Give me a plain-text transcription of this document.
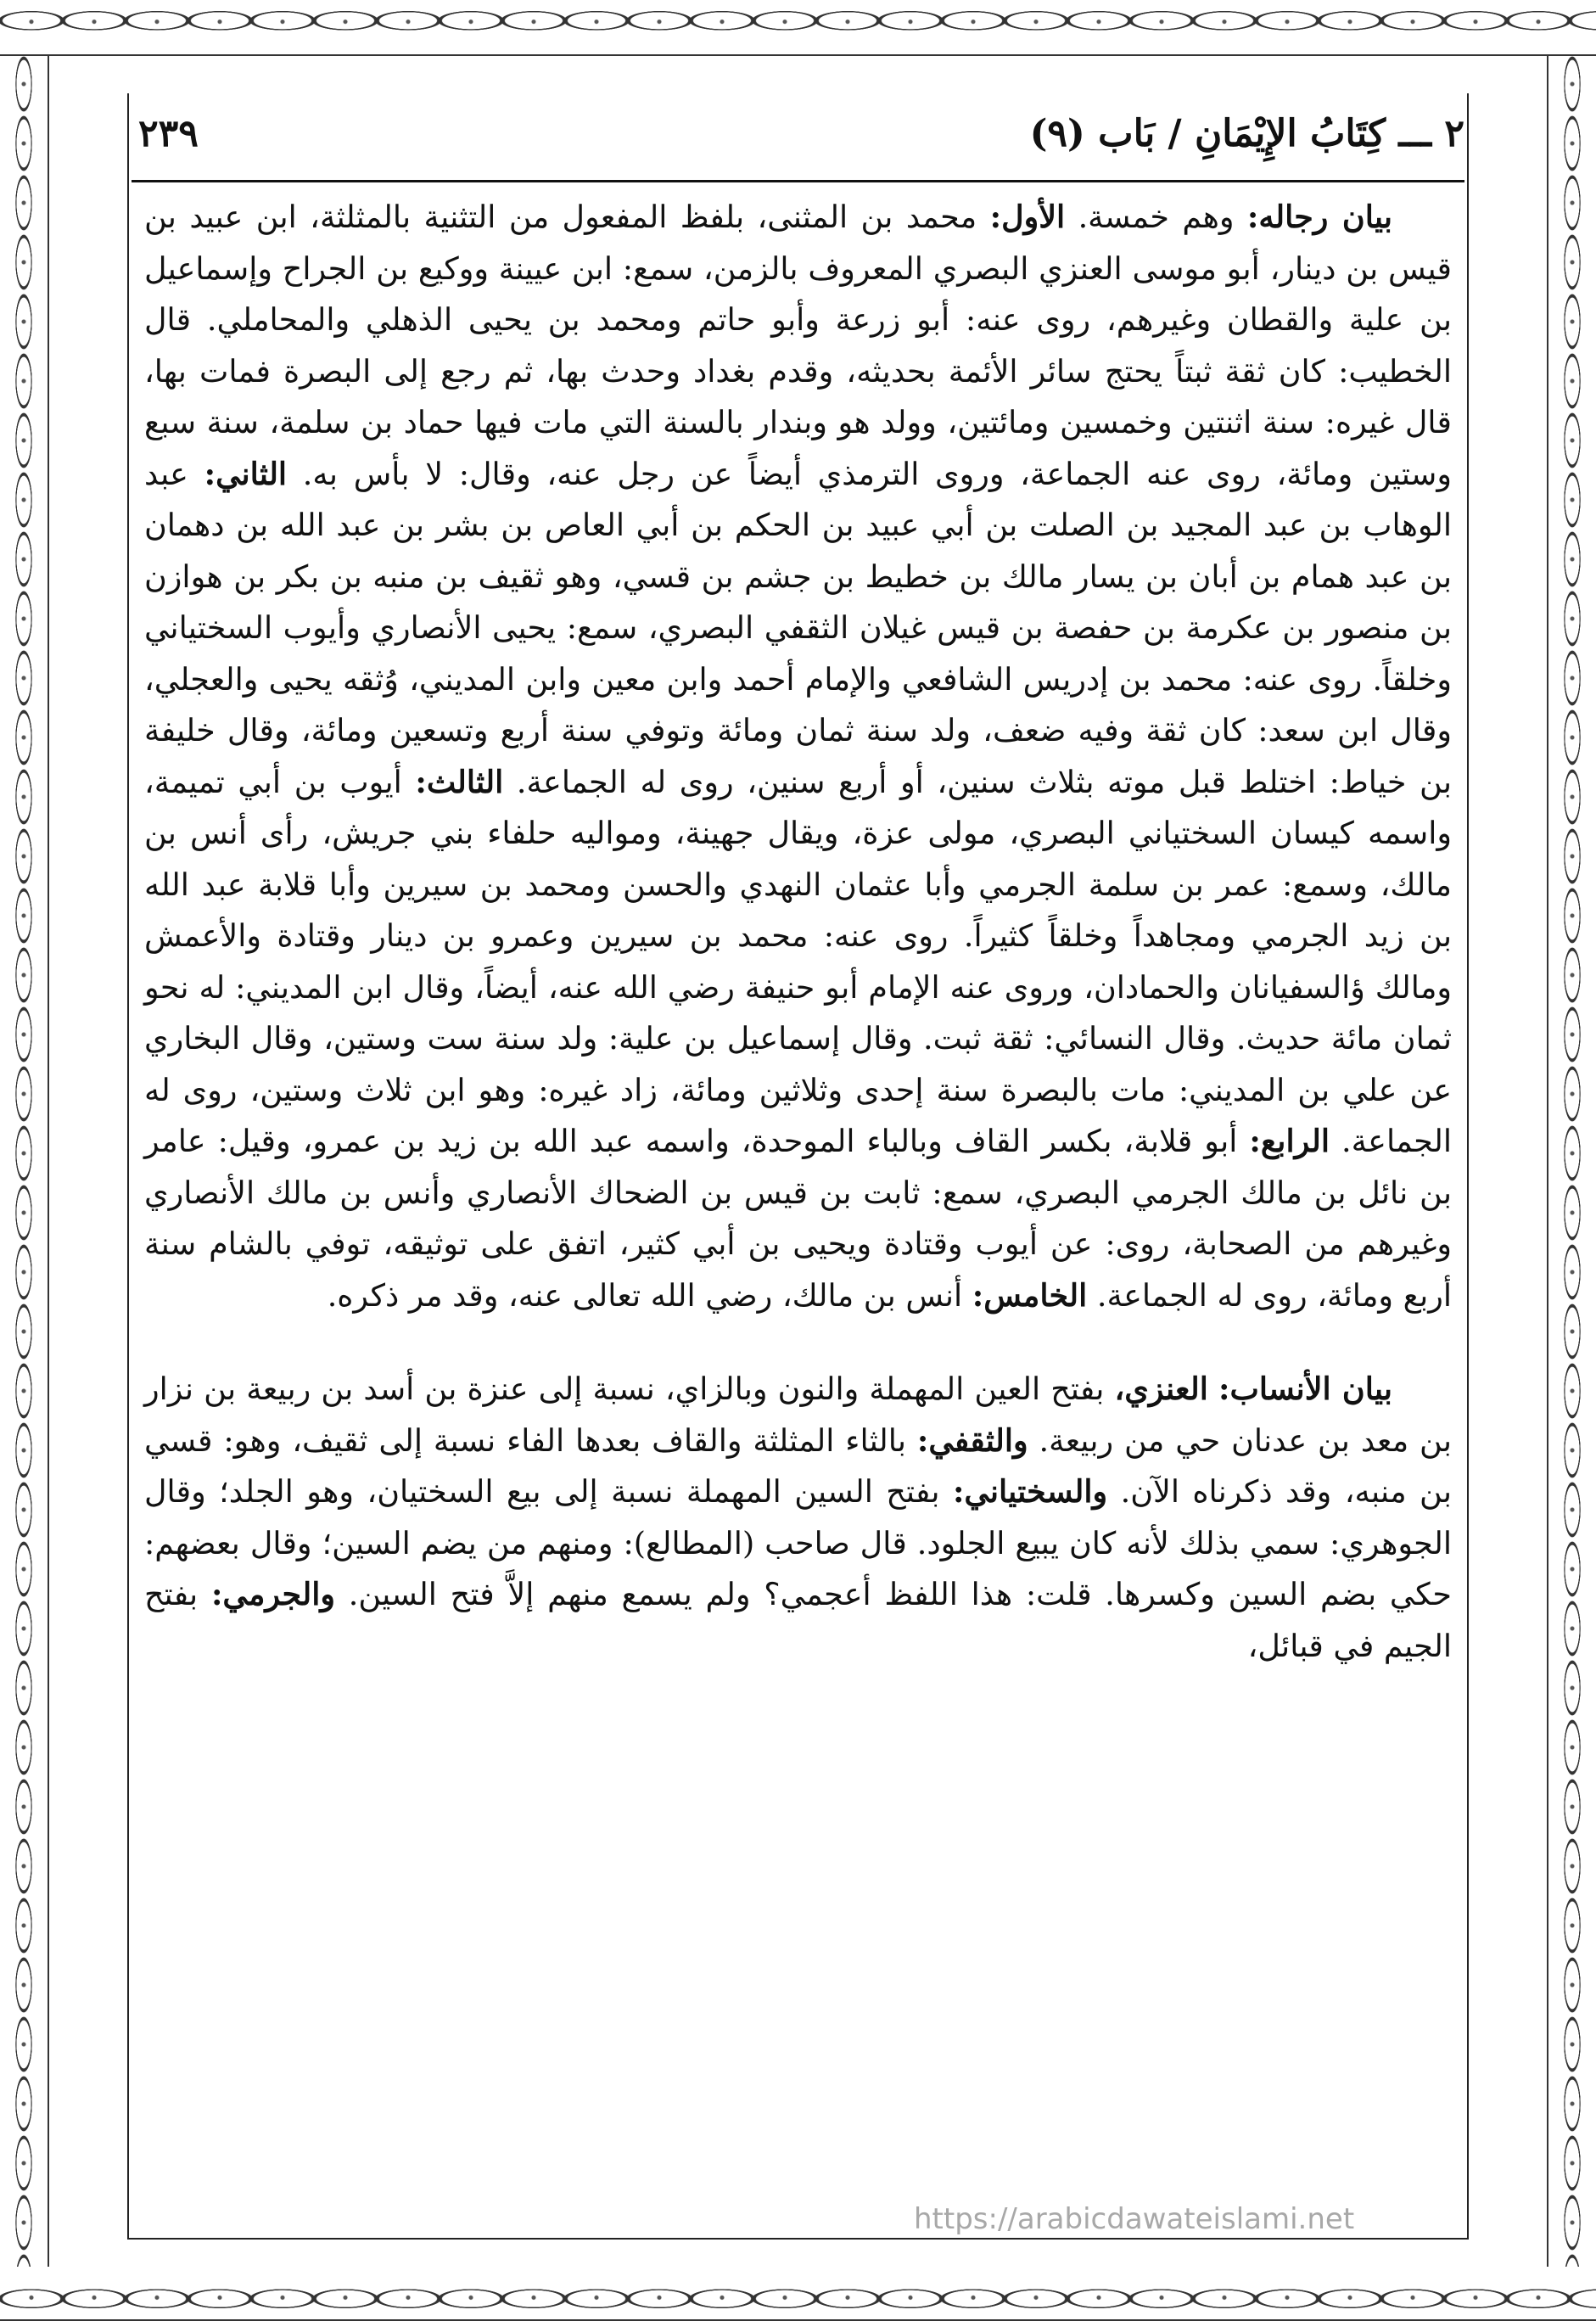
٢ ـــ كِتَابُ الإِيْمَانِ / بَاب (٩)
٢٣٩

بيان رجاله: وهم خمسة. الأول: محمد بن المثنى، بلفظ المفعول من التثنية بالمثلثة، ابن عبيد بن قيس بن دينار، أبو موسى العنزي البصري المعروف بالزمن، سمع: ابن عيينة ووكيع بن الجراح وإسماعيل بن علية والقطان وغيرهم، روى عنه: أبو زرعة وأبو حاتم ومحمد بن يحيى الذهلي والمحاملي. قال الخطيب: كان ثقة ثبتاً يحتج سائر الأئمة بحديثه، وقدم بغداد وحدث بها، ثم رجع إلى البصرة فمات بها، قال غيره: سنة اثنتين وخمسين ومائتين، وولد هو وبندار بالسنة التي مات فيها حماد بن سلمة، سنة سبع وستين ومائة، روى عنه الجماعة، وروى الترمذي أيضاً عن رجل عنه، وقال: لا بأس به. الثاني: عبد الوهاب بن عبد المجيد بن الصلت بن أبي عبيد بن الحكم بن أبي العاص بن بشر بن عبد الله بن دهمان بن عبد همام بن أبان بن يسار مالك بن خطيط بن جشم بن قسي، وهو ثقيف بن منبه بن بكر بن هوازن بن منصور بن عكرمة بن حفصة بن قيس غيلان الثقفي البصري، سمع: يحيى الأنصاري وأيوب السختياني وخلقاً. روى عنه: محمد بن إدريس الشافعي والإمام أحمد وابن معين وابن المديني، وُثقه يحيى والعجلي، وقال ابن سعد: كان ثقة وفيه ضعف، ولد سنة ثمان ومائة وتوفي سنة أربع وتسعين ومائة، وقال خليفة بن خياط: اختلط قبل موته بثلاث سنين، أو أربع سنين، روى له الجماعة. الثالث: أيوب بن أبي تميمة، واسمه كيسان السختياني البصري، مولى عزة، ويقال جهينة، ومواليه حلفاء بني جريش، رأى أنس بن مالك، وسمع: عمر بن سلمة الجرمي وأبا عثمان النهدي والحسن ومحمد بن سيرين وأبا قلابة عبد الله بن زيد الجرمي ومجاهداً وخلقاً كثيراً. روى عنه: محمد بن سيرين وعمرو بن دينار وقتادة والأعمش ومالك ؤالسفيانان والحمادان، وروى عنه الإمام أبو حنيفة رضي الله عنه، أيضاً، وقال ابن المديني: له نحو ثمان مائة حديث. وقال النسائي: ثقة ثبت. وقال إسماعيل بن علية: ولد سنة ست وستين، وقال البخاري عن علي بن المديني: مات بالبصرة سنة إحدى وثلاثين ومائة، زاد غيره: وهو ابن ثلاث وستين، روى له الجماعة. الرابع: أبو قلابة، بكسر القاف وبالباء الموحدة، واسمه عبد الله بن زيد بن عمرو، وقيل: عامر بن نائل بن مالك الجرمي البصري، سمع: ثابت بن قيس بن الضحاك الأنصاري وأنس بن مالك الأنصاري وغيرهم من الصحابة، روى: عن أيوب وقتادة ويحيى بن أبي كثير، اتفق على توثيقه، توفي بالشام سنة أربع ومائة، روى له الجماعة. الخامس: أنس بن مالك، رضي الله تعالى عنه، وقد مر ذكره.

بيان الأنساب: العنزي، بفتح العين المهملة والنون وبالزاي، نسبة إلى عنزة بن أسد بن ربيعة بن نزار بن معد بن عدنان حي من ربيعة. والثقفي: بالثاء المثلثة والقاف بعدها الفاء نسبة إلى ثقيف، وهو: قسي بن منبه، وقد ذكرناه الآن. والسختياني: بفتح السين المهملة نسبة إلى بيع السختيان، وهو الجلد؛ وقال الجوهري: سمي بذلك لأنه كان يبيع الجلود. قال صاحب (المطالع): ومنهم من يضم السين؛ وقال بعضهم: حكي بضم السين وكسرها. قلت: هذا اللفظ أعجمي؟ ولم يسمع منهم إلاَّ فتح السين. والجرمي: بفتح الجيم في قبائل،

https://arabicdawateislami.net
